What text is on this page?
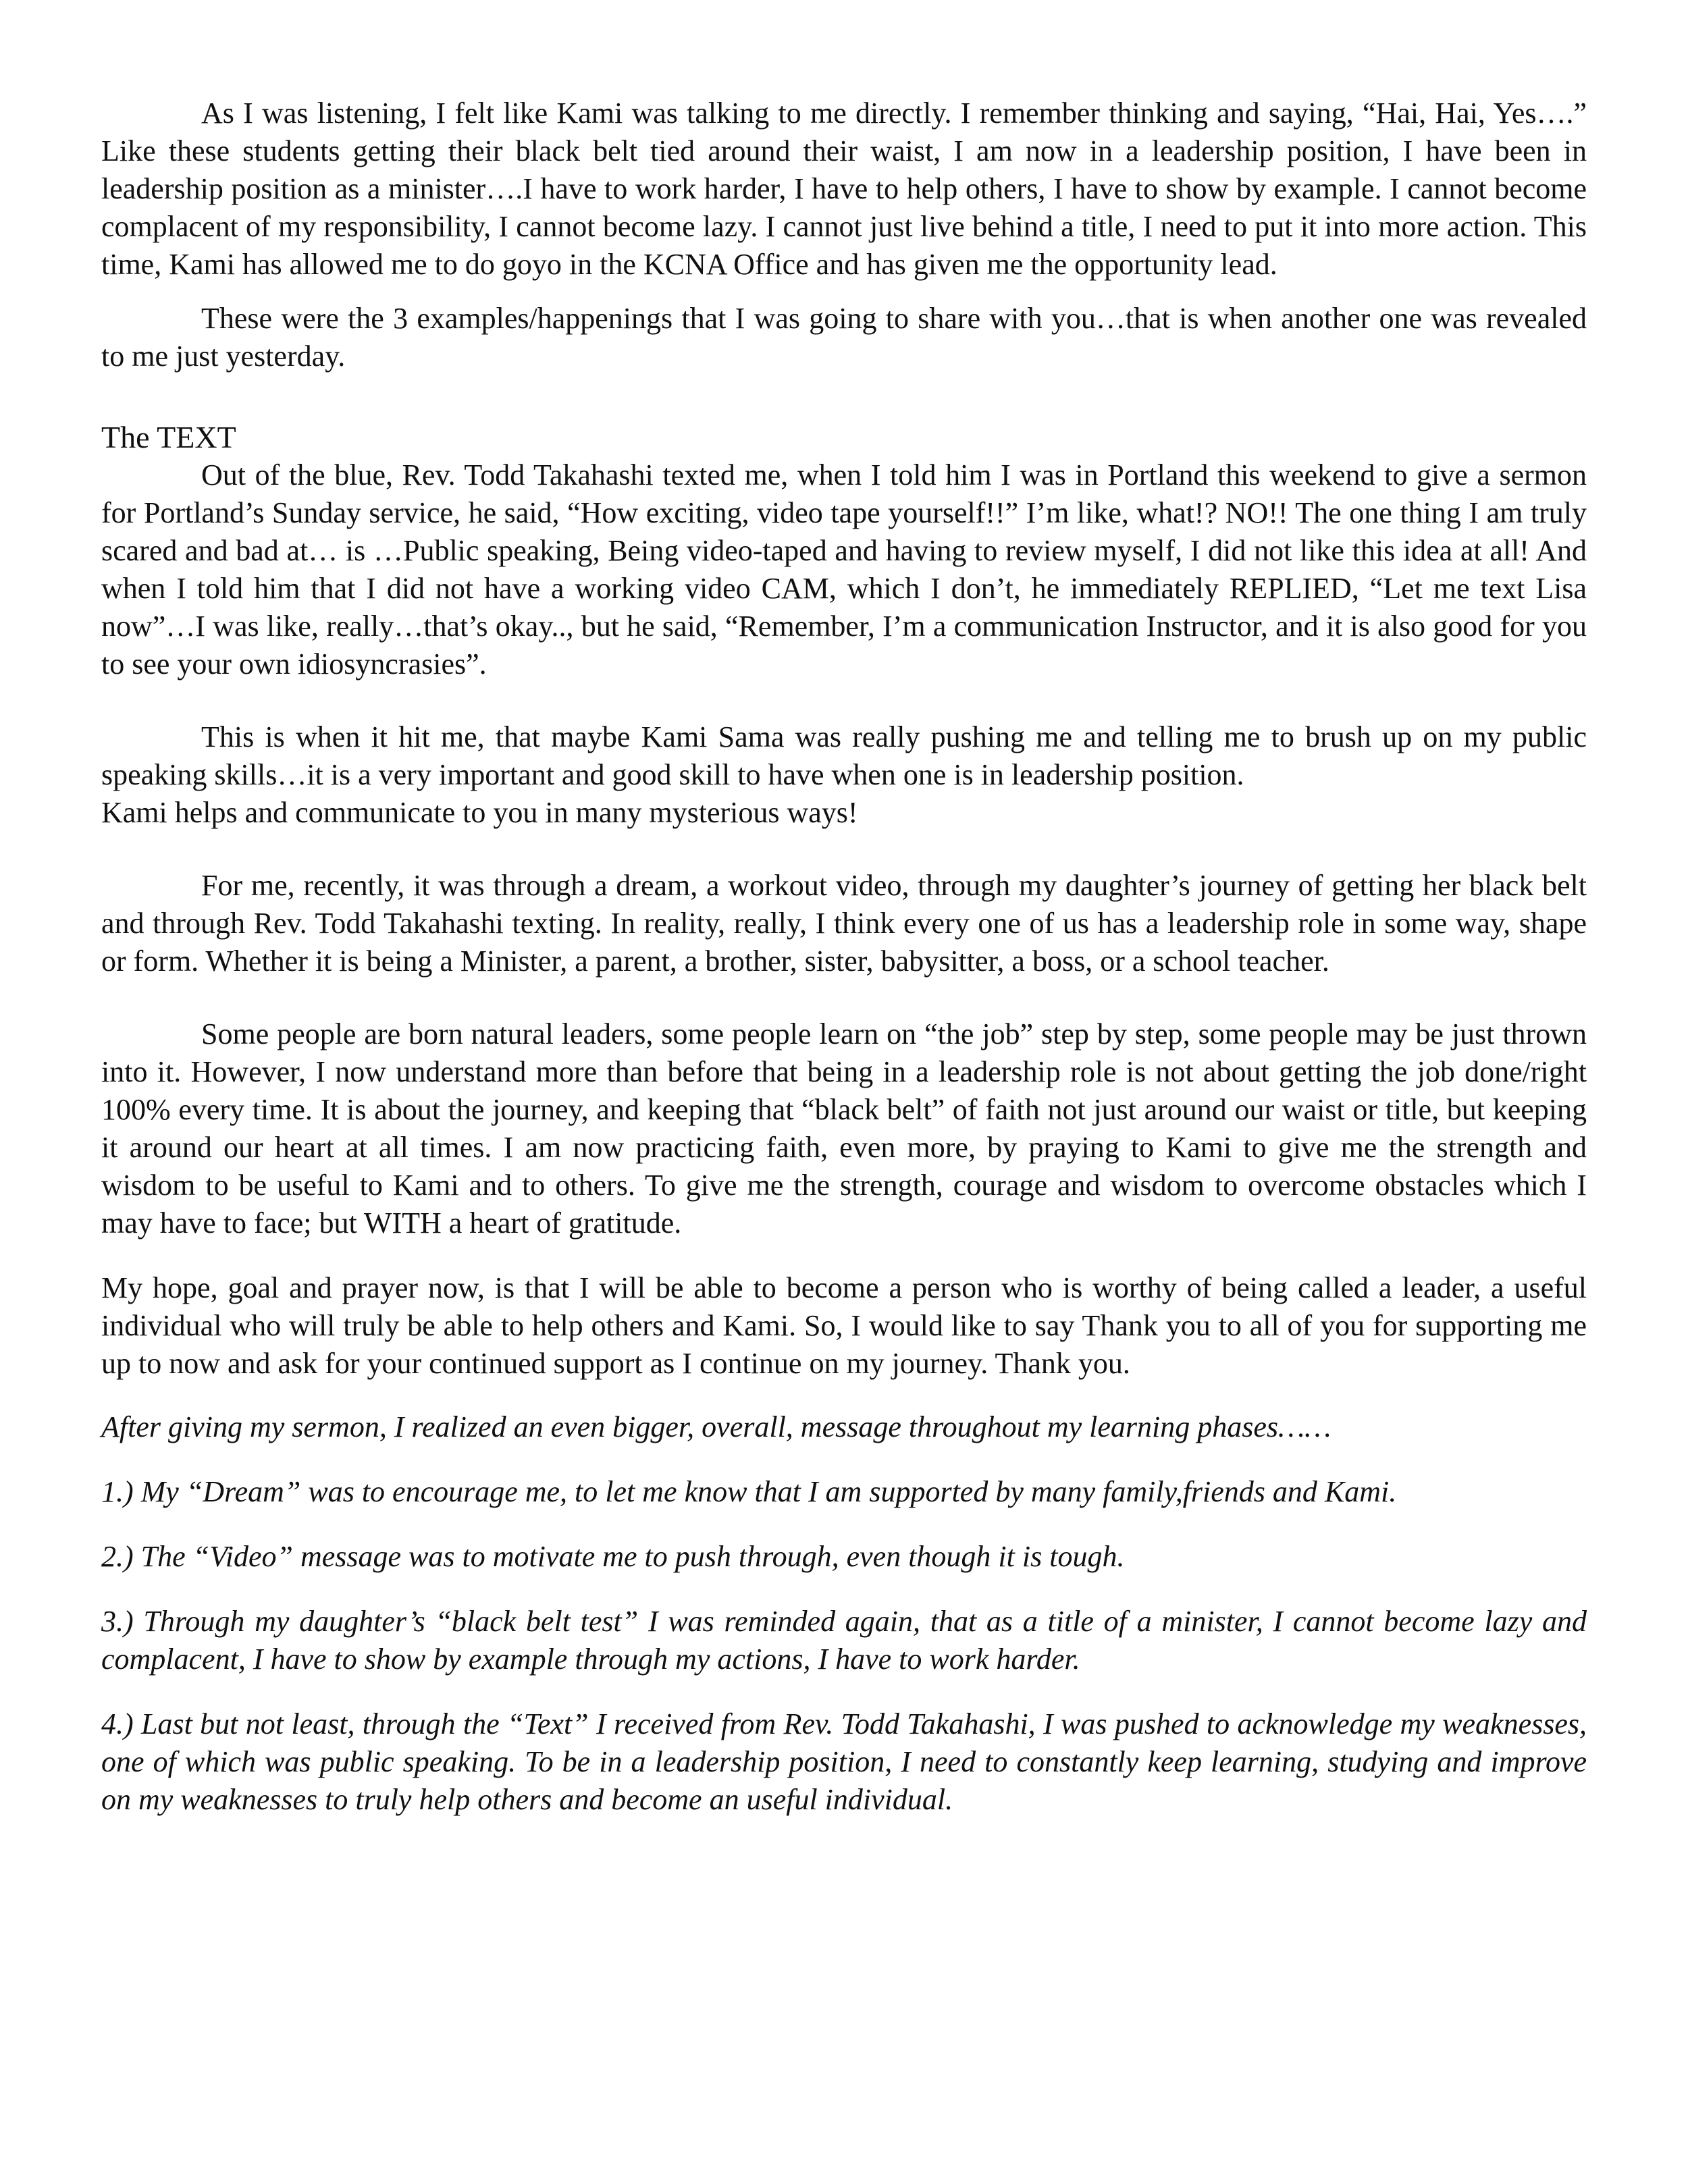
As I was listening, I felt like Kami was talking to me directly. I remember thinking and saying, “Hai, Hai, Yes….” Like these students getting their black belt tied around their waist, I am now in a leadership position, I have been in leadership position as a minister….I have to work harder, I have to help others, I have to show by example. I cannot become complacent of my responsibility, I cannot become lazy. I cannot just live behind a title, I need to put it into more action. This time, Kami has allowed me to do goyo in the KCNA Office and has given me the opportunity lead.

These were the 3 examples/happenings that I was going to share with you…that is when another one was revealed to me just yesterday.

The TEXT

Out of the blue, Rev. Todd Takahashi texted me, when I told him I was in Portland this weekend to give a sermon for Portland’s Sunday service, he said, “How exciting, video tape yourself!!” I’m like, what!? NO!! The one thing I am truly scared and bad at… is …Public speaking, Being video-taped and having to review myself, I did not like this idea at all! And when I told him that I did not have a working video CAM, which I don’t, he immediately REPLIED, “Let me text Lisa now”…I was like, really…that’s okay.., but he said, “Remember, I’m a communication Instructor, and it is also good for you to see your own idiosyncrasies”.

This is when it hit me, that maybe Kami Sama was really pushing me and telling me to brush up on my public speaking skills…it is a very important and good skill to have when one is in leadership position.

Kami helps and communicate to you in many mysterious ways!

For me, recently, it was through a dream, a workout video, through my daughter’s journey of getting her black belt and through Rev. Todd Takahashi texting. In reality, really, I think every one of us has a leadership role in some way, shape or form. Whether it is being a Minister, a parent, a brother, sister, babysitter, a boss, or a school teacher.

Some people are born natural leaders, some people learn on “the job” step by step, some people may be just thrown into it. However, I now understand more than before that being in a leadership role is not about getting the job done/right 100% every time. It is about the journey, and keeping that “black belt” of faith not just around our waist or title, but keeping it around our heart at all times. I am now practicing faith, even more, by praying to Kami to give me the strength and wisdom to be useful to Kami and to others. To give me the strength, courage and wisdom to overcome obstacles which I may have to face; but WITH a heart of gratitude.

My hope, goal and prayer now, is that I will be able to become a person who is worthy of being called a leader, a useful individual who will truly be able to help others and Kami. So, I would like to say Thank you to all of you for supporting me up to now and ask for your continued support as I continue on my journey. Thank you.

After giving my sermon, I realized an even bigger, overall, message throughout my learning phases……

1.) My “Dream” was to encourage me, to let me know that I am supported by many family,friends and Kami.

2.) The “Video” message was to motivate me to push through, even though it is tough.

3.) Through my daughter’s “black belt test” I was reminded again, that as a title of a minister, I cannot become lazy and complacent, I have to show by example through my actions, I have to work harder.

4.) Last but not least, through the “Text” I received from Rev. Todd Takahashi, I was pushed to acknowledge my weaknesses, one of which was public speaking. To be in a leadership position, I need to constantly keep learning, studying and improve on my weaknesses to truly help others and become an useful individual.
